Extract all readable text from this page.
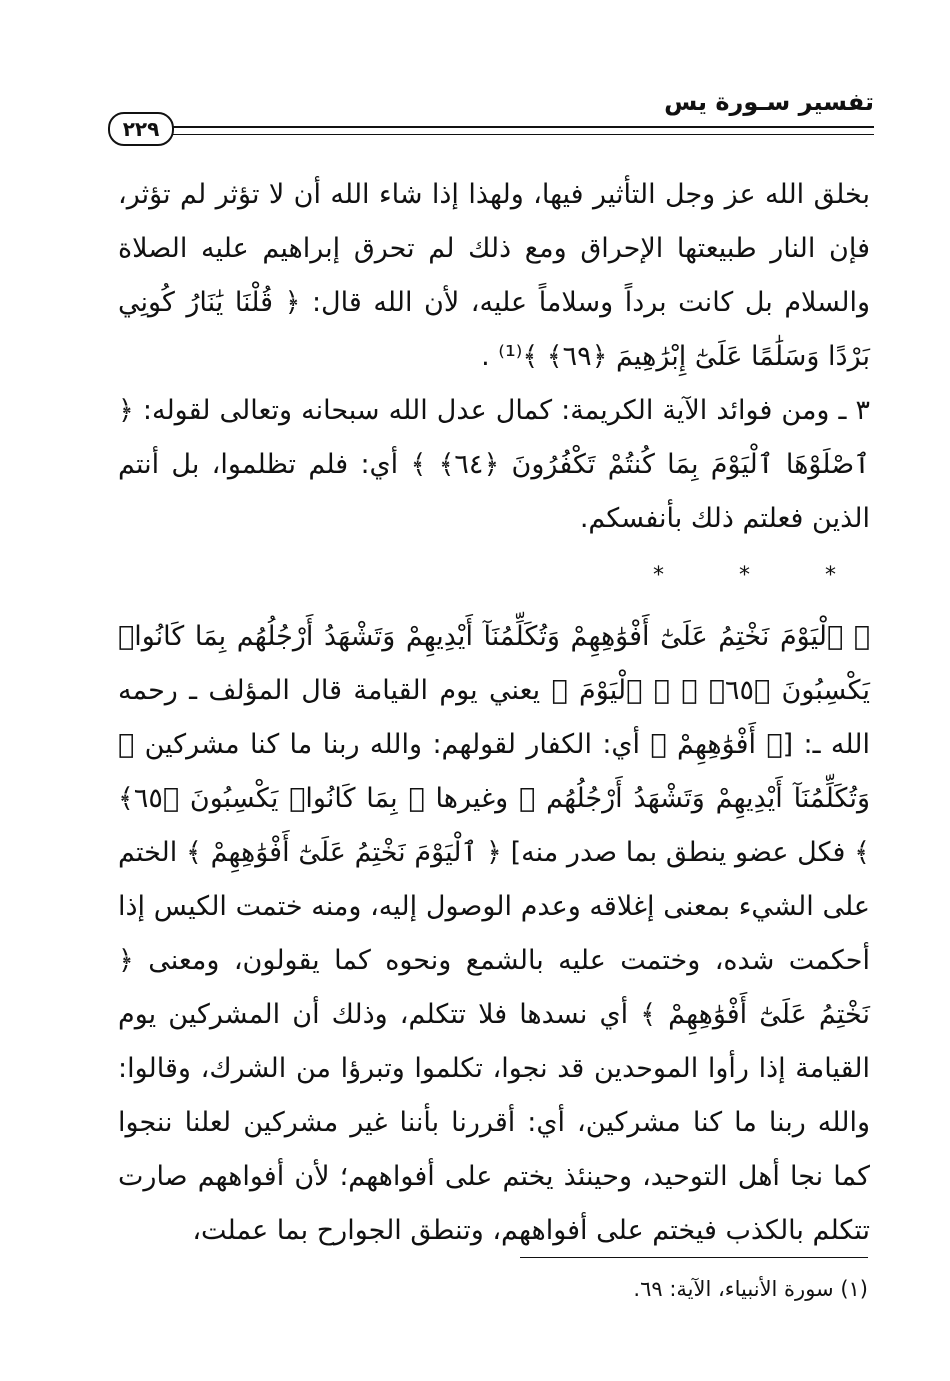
تفسير سـورة يس
٢٢٩

بخلق الله عز وجل التأثير فيها، ولهذا إذا شاء الله أن لا تؤثر لم تؤثر، فإن النار طبيعتها الإحراق ومع ذلك لم تحرق إبراهيم عليه الصلاة والسلام بل كانت برداً وسلاماً عليه، لأن الله قال: ﴿ قُلْنَا يَٰنَارُ كُونِي بَرْدًا وَسَلَٰمًا عَلَىٰٓ إِبْرَٰهِيمَ ﴿٦٩﴾ ﴾⁽¹⁾ .

٣ ـ ومن فوائد الآية الكريمة: كمال عدل الله سبحانه وتعالى لقوله: ﴿ ٱصْلَوْهَا ٱلْيَوْمَ بِمَا كُنتُمْ تَكْفُرُونَ ﴿٦٤﴾ ﴾ أي: فلم تظلموا، بل أنتم الذين فعلتم ذلك بأنفسكم.

* * *

﴿ ٱلْيَوْمَ نَخْتِمُ عَلَىٰٓ أَفْوَٰهِهِمْ وَتُكَلِّمُنَآ أَيْدِيهِمْ وَتَشْهَدُ أَرْجُلُهُم بِمَا كَانُوا۟ يَكْسِبُونَ ﴿٦٥﴾ ﴾ ﴿ ٱلْيَوْمَ ﴾ يعني يوم القيامة قال المؤلف ـ رحمه الله ـ: [﴿ أَفْوَٰهِهِمْ ﴾ أي: الكفار لقولهم: والله ربنا ما كنا مشركين ﴿ وَتُكَلِّمُنَآ أَيْدِيهِمْ وَتَشْهَدُ أَرْجُلُهُم ﴾ وغيرها ﴿ بِمَا كَانُوا۟ يَكْسِبُونَ ﴿٦٥﴾ ﴾ فكل عضو ينطق بما صدر منه] ﴿ ٱلْيَوْمَ نَخْتِمُ عَلَىٰٓ أَفْوَٰهِهِمْ ﴾ الختم على الشيء بمعنى إغلاقه وعدم الوصول إليه، ومنه ختمت الكيس إذا أحكمت شده، وختمت عليه بالشمع ونحوه كما يقولون، ومعنى ﴿ نَخْتِمُ عَلَىٰٓ أَفْوَٰهِهِمْ ﴾ أي نسدها فلا تتكلم، وذلك أن المشركين يوم القيامة إذا رأوا الموحدين قد نجوا، تكلموا وتبرؤا من الشرك، وقالوا: والله ربنا ما كنا مشركين، أي: أقررنا بأننا غير مشركين لعلنا ننجوا كما نجا أهل التوحيد، وحينئذ يختم على أفواههم؛ لأن أفواههم صارت تتكلم بالكذب فيختم على أفواههم، وتنطق الجوارح بما عملت،

(١) سورة الأنبياء، الآية: ٦٩.
